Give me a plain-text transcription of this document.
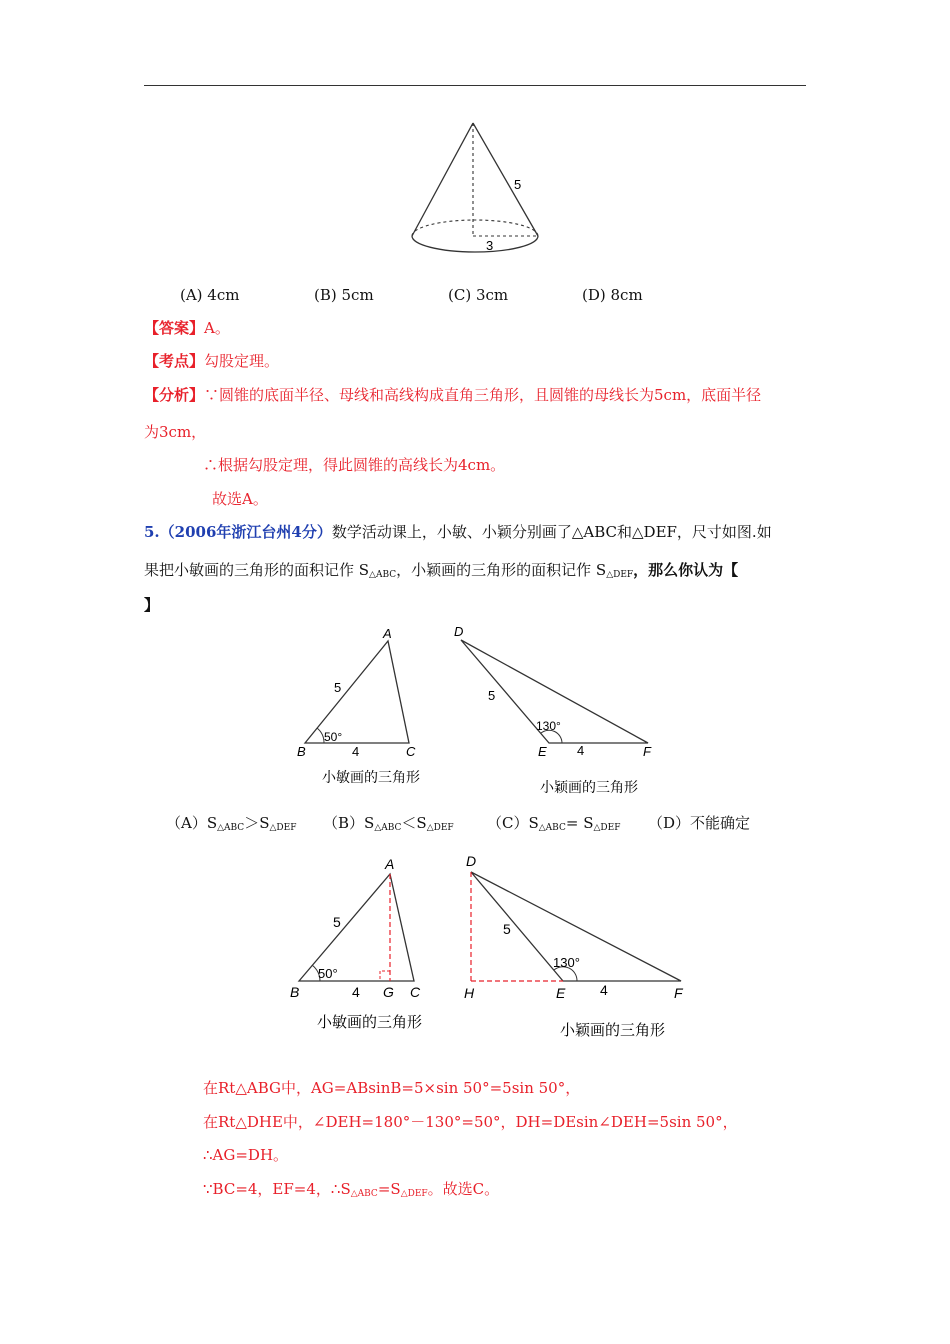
5
3
(A) 4cm	(B) 5cm	(C) 3cm	(D) 8cm
【答案】A。
【考点】勾股定理。
【分析】∵圆锥的底面半径、母线和高线构成直角三角形，且圆锥的母线长为5cm，底面半径
为3cm，
∴根据勾股定理，得此圆锥的高线长为4cm。
故选A。
5.（2006年浙江台州4分）数学活动课上，小敏、小颖分别画了△ABC和△DEF，尺寸如图.如
果把小敏画的三角形的面积记作 $S_{\triangle ABC}$，小颖画的三角形的面积记作 $S_{\triangle DEF}$，那么你认为【
】
A
B	C
5
50°
4
小敏画的三角形
D
E	F
5
130°
4
小颖画的三角形
$(A)S_{\triangle ABC}>S_{\triangle DEF}$ $(B)S_{\triangle ABC}<S_{\triangle DEF}$ $(C)S_{\triangle ABC}= S_{\triangle DEF}$ （D）不能确定
A
B	G C
5
50°
4
小敏画的三角形
D
H	E	F
5
130°
4
小颖画的三角形
在Rt△ABG中，AG=ABsinB=5×sin 50°=5sin 50°，
在Rt△DHE中，∠DEH=180°－130°=50°，DH=DEsin∠DEH=5sin 50°，
∴AG=DH。
∵BC=4，EF=4，$\therefore S_{\triangle ABC}=S_{\triangle DEF}$。故选C。
